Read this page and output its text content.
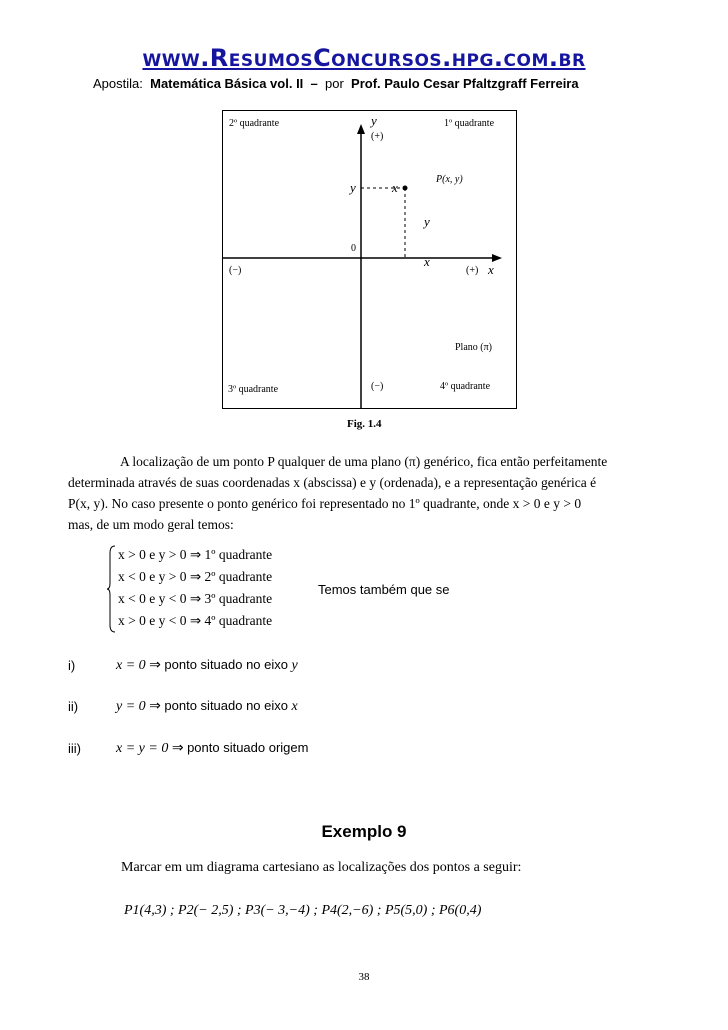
www.ResumosConcursos.hpg.com.br
Apostila: Matemática Básica vol. II – por Prof. Paulo Cesar Pfaltzgraff Ferreira
2º quadrante	1º quadrante
3º quadrante	4º quadrante
y
(+)
(−)
x
(+)
(−)
0
P(x, y)
y	x
y
x
Plano (π)
Fig. 1.4
A localização de um ponto P qualquer de uma plano (π) genérico, fica então perfeitamente
determinada através de suas coordenadas x (abscissa) e y (ordenada), e a representação genérica é
P(x, y). No caso presente o ponto genérico foi representado no 1º quadrante, onde x > 0 e y > 0
mas, de um modo geral temos:
x > 0 e y > 0 ⇒ 1º quadrante
x < 0 e y > 0 ⇒ 2º quadrante
x < 0 e y < 0 ⇒ 3º quadrante
x > 0 e y < 0 ⇒ 4º quadrante
Temos também que se
i)	x = 0 ⇒ ponto situado no eixo y
ii)	y = 0 ⇒ ponto situado no eixo x
iii)	x = y = 0 ⇒ ponto situado origem
Exemplo 9
Marcar em um diagrama cartesiano as localizações dos pontos a seguir:
P1(4,3) ; P2(− 2,5) ; P3(− 3,−4) ; P4(2,−6) ; P5(5,0) ; P6(0,4)
38
